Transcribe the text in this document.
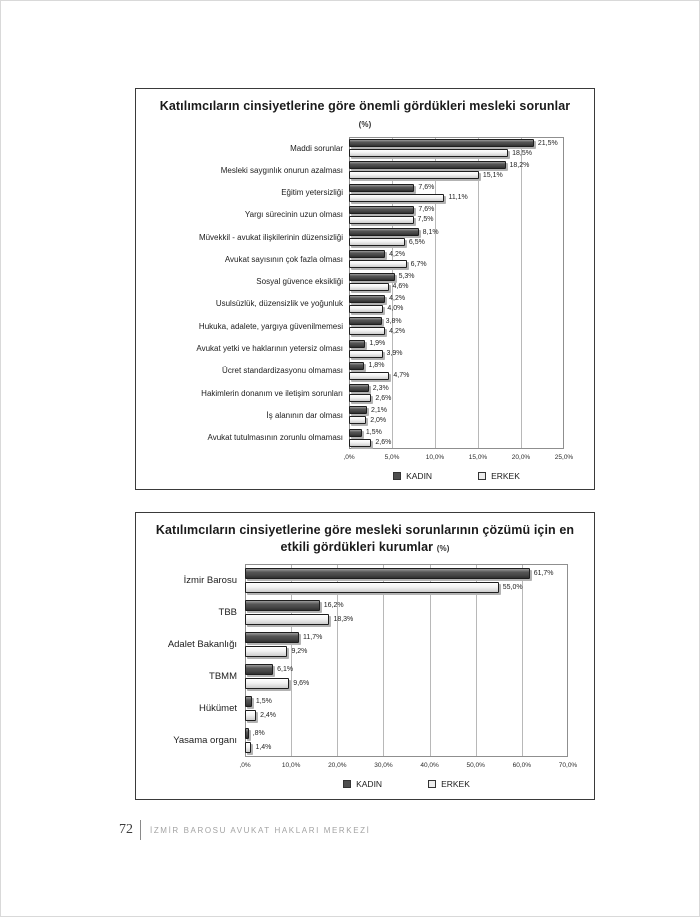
Katılımcıların cinsiyetlerine göre önemli gördükleri mesleki sorunlar (%)
Maddi sorunlar
21,5%
18,5%
Mesleki saygınlık onurun azalması
18,2%
15,1%
Eğitim yetersizliği
7,6%
11,1%
Yargı sürecinin uzun olması
7,6%
7,5%
Müvekkil - avukat ilişkilerinin düzensizliği
8,1%
6,5%
Avukat sayısının çok fazla olması
4,2%
6,7%
Sosyal güvence eksikliği
5,3%
4,6%
Usulsüzlük, düzensizlik ve yoğunluk
4,2%
4,0%
Hukuka, adalete, yargıya güvenilmemesi
3,8%
4,2%
Avukat yetki ve haklarının yetersiz olması
1,9%
3,9%
Ücret standardizasyonu olmaması
1,8%
4,7%
Hakimlerin donanım ve iletişim sorunları
2,3%
2,6%
İş alanının dar olması
2,1%
2,0%
Avukat tutulmasının zorunlu olmaması
1,5%
2,6%
,0%	5,0%	10,0%	15,0%	20,0%	25,0%
KADIN	ERKEK
Katılımcıların cinsiyetlerine göre mesleki sorunlarının çözümü için en etkili gördükleri kurumlar (%)
İzmir Barosu
61,7%
55,0%
TBB
16,2%
18,3%
Adalet Bakanlığı
11,7%
9,2%
TBMM
6,1%
9,6%
Hükümet
1,5%
2,4%
Yasama organı
,8%
1,4%
,0%	10,0%	20,0%	30,0%	40,0%	50,0%	60,0%	70,0%
KADIN	ERKEK
72 İZMİR BAROSU AVUKAT HAKLARI MERKEZİ
